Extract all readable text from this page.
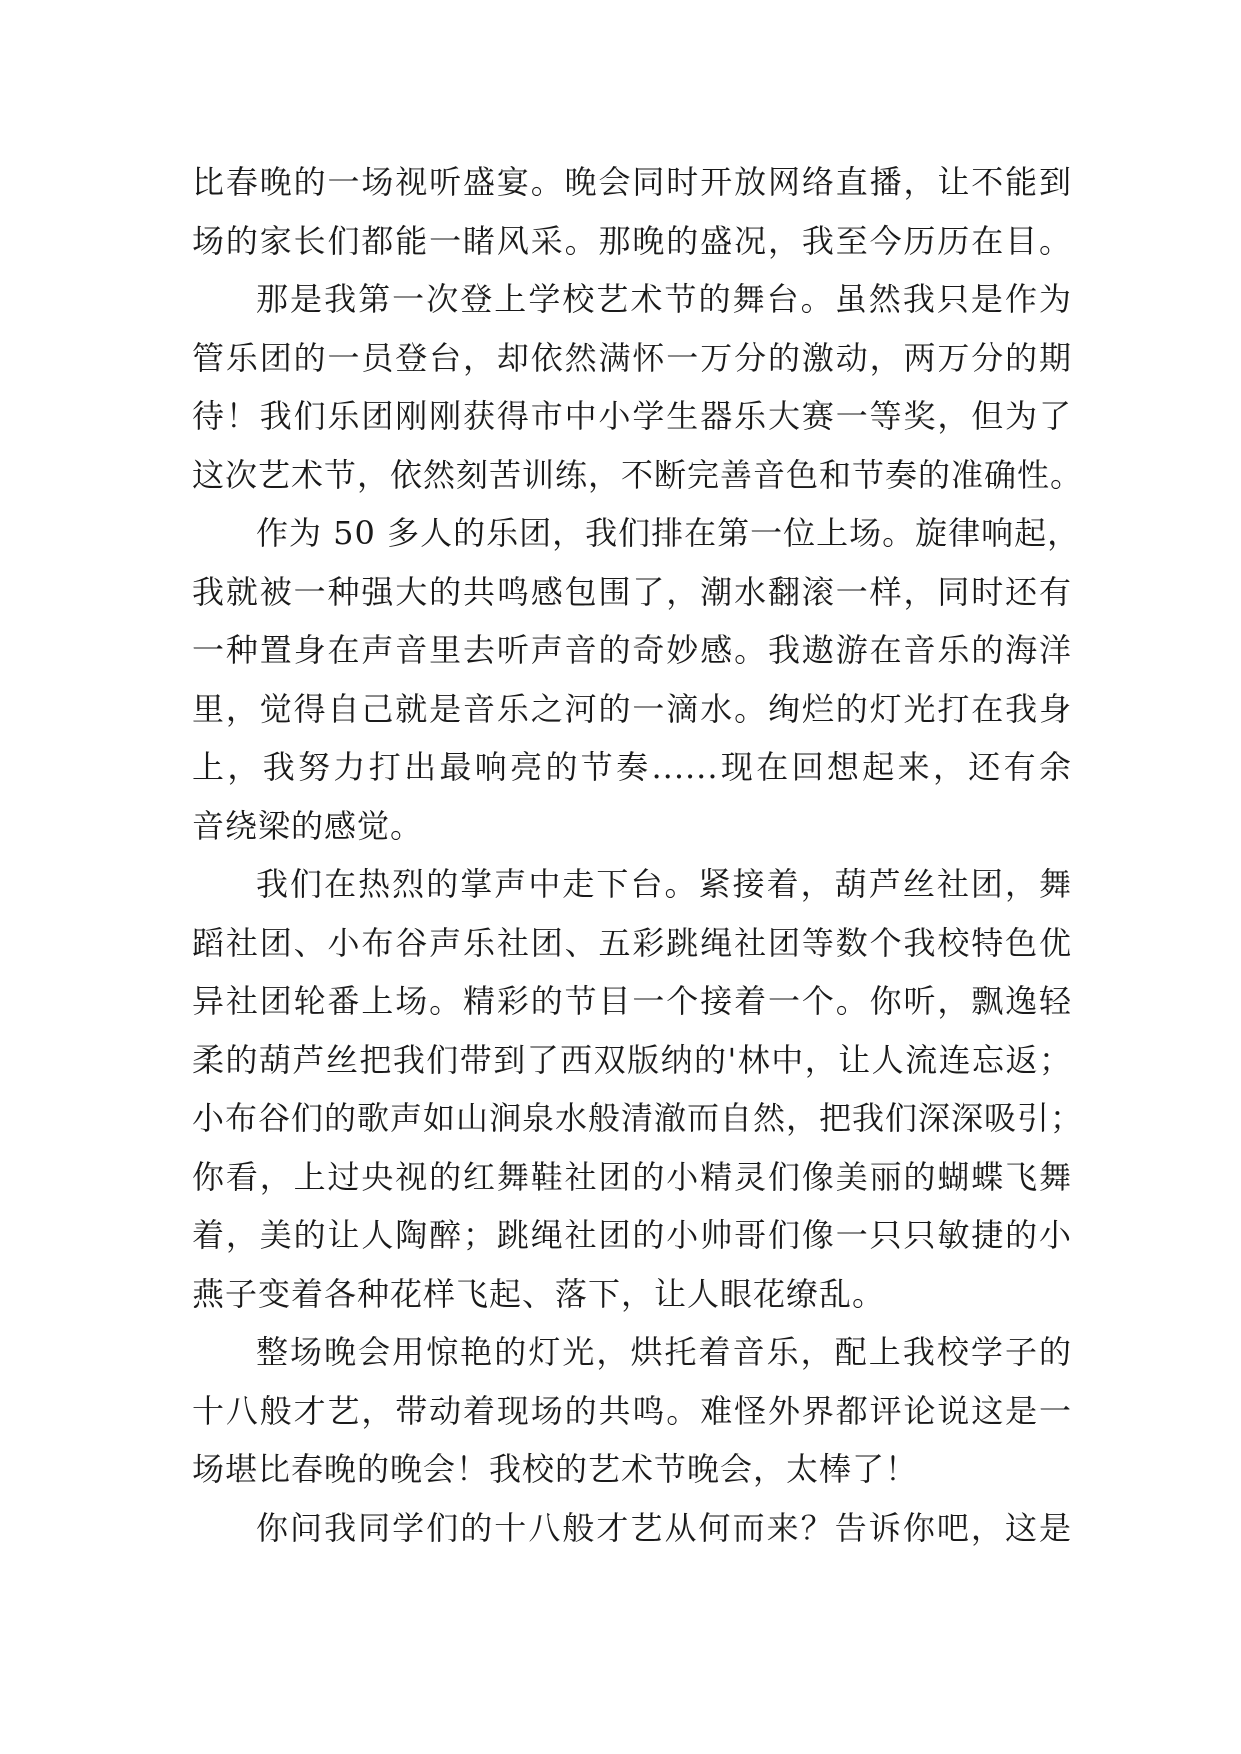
比春晚的一场视听盛宴。晚会同时开放网络直播，让不能到
场的家长们都能一睹风采。那晚的盛况，我至今历历在目。
那是我第一次登上学校艺术节的舞台。虽然我只是作为
管乐团的一员登台，却依然满怀一万分的激动，两万分的期
待！我们乐团刚刚获得市中小学生器乐大赛一等奖，但为了
这次艺术节，依然刻苦训练，不断完善音色和节奏的准确性。
作为 50 多人的乐团，我们排在第一位上场。旋律响起，
我就被一种强大的共鸣感包围了，潮水翻滚一样，同时还有
一种置身在声音里去听声音的奇妙感。我遨游在音乐的海洋
里，觉得自己就是音乐之河的一滴水。绚烂的灯光打在我身
上，我努力打出最响亮的节奏......现在回想起来，还有余
音绕梁的感觉。
我们在热烈的掌声中走下台。紧接着，葫芦丝社团，舞
蹈社团、小布谷声乐社团、五彩跳绳社团等数个我校特色优
异社团轮番上场。精彩的节目一个接着一个。你听，飘逸轻
柔的葫芦丝把我们带到了西双版纳的'林中，让人流连忘返；
小布谷们的歌声如山涧泉水般清澈而自然，把我们深深吸引；
你看，上过央视的红舞鞋社团的小精灵们像美丽的蝴蝶飞舞
着，美的让人陶醉；跳绳社团的小帅哥们像一只只敏捷的小
燕子变着各种花样飞起、落下，让人眼花缭乱。
整场晚会用惊艳的灯光，烘托着音乐，配上我校学子的
十八般才艺，带动着现场的共鸣。难怪外界都评论说这是一
场堪比春晚的晚会！我校的艺术节晚会，太棒了！
你问我同学们的十八般才艺从何而来？告诉你吧，这是
